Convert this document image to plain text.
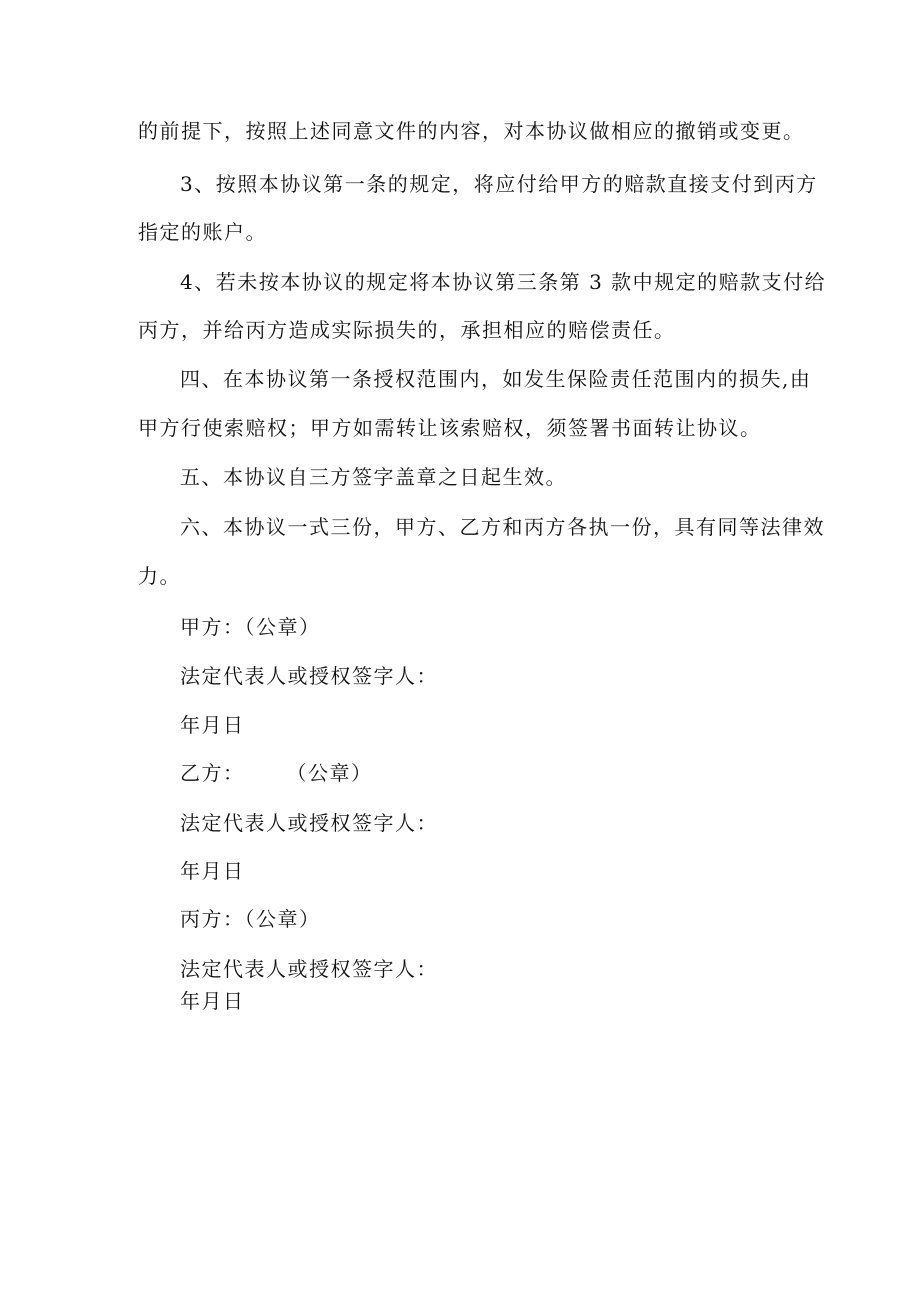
的前提下，按照上述同意文件的内容，对本协议做相应的撤销或变更。
3、按照本协议第一条的规定，将应付给甲方的赔款直接支付到丙方
指定的账户。
4、若未按本协议的规定将本协议第三条第 3 款中规定的赔款支付给
丙方，并给丙方造成实际损失的，承担相应的赔偿责任。
四、在本协议第一条授权范围内，如发生保险责任范围内的损失,由
甲方行使索赔权；甲方如需转让该索赔权，须签署书面转让协议。
五、本协议自三方签字盖章之日起生效。
六、本协议一式三份，甲方、乙方和丙方各执一份，具有同等法律效
力。
甲方：（公章）
法定代表人或授权签字人：
年月日
乙方： （公章）
法定代表人或授权签字人：
年月日
丙方：（公章）
法定代表人或授权签字人：
年月日
